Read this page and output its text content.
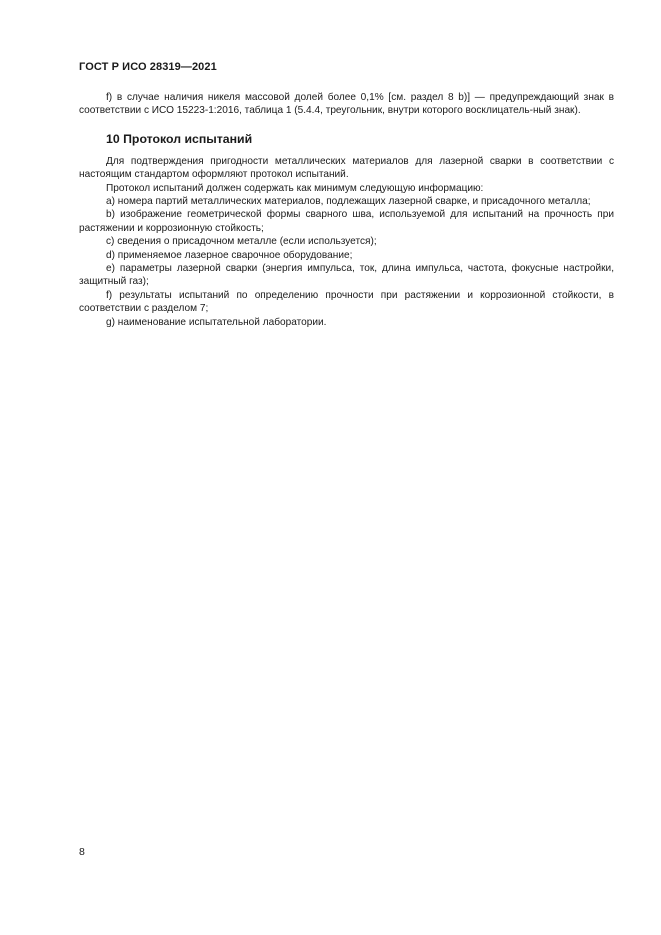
ГОСТ Р ИСО 28319—2021

f) в случае наличия никеля массовой долей более 0,1% [см. раздел 8 b)] — предупреждающий знак в соответствии с ИСО 15223-1:2016, таблица 1 (5.4.4, треугольник, внутри которого восклицатель-ный знак).

10 Протокол испытаний

Для подтверждения пригодности металлических материалов для лазерной сварки в соответствии с настоящим стандартом оформляют протокол испытаний.

Протокол испытаний должен содержать как минимум следующую информацию:

a) номера партий металлических материалов, подлежащих лазерной сварке, и присадочного металла;

b) изображение геометрической формы сварного шва, используемой для испытаний на прочность при растяжении и коррозионную стойкость;

c) сведения о присадочном металле (если используется);

d) применяемое лазерное сварочное оборудование;

e) параметры лазерной сварки (энергия импульса, ток, длина импульса, частота, фокусные настройки, защитный газ);

f) результаты испытаний по определению прочности при растяжении и коррозионной стойкости, в соответствии с разделом 7;

g) наименование испытательной лаборатории.

8
